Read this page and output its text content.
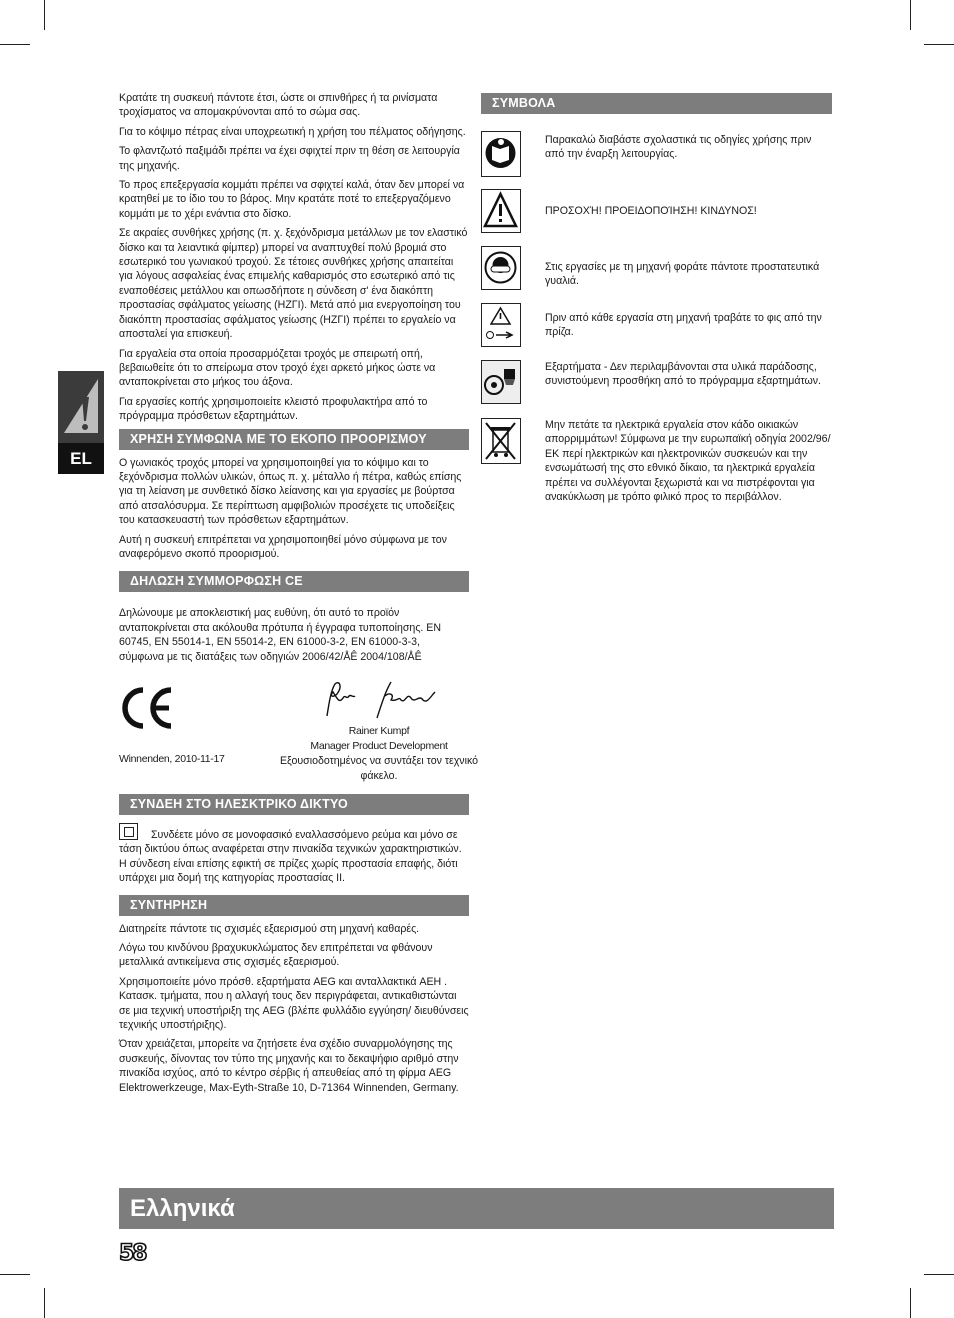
EL
Κρατάτε τη συσκευή πάντοτε έτσι, ώστε οι σπινθήρες ή τα ρινίσματα τροχίσματος να απομακρύνονται από το σώμα σας.
Για το κόψιμο πέτρας είναι υποχρεωτική η χρήση του πέλματος οδήγησης.
Το φλαντζωτό παξιμάδι πρέπει να έχει σφιχτεί πριν τη θέση σε λειτουργία της μηχανής.
Το προς επεξεργασία κομμάτι πρέπει να σφιχτεί καλά, όταν δεν μπορεί να κρατηθεί με το ίδιο του το βάρος. Μην κρατάτε ποτέ το επεξεργαζόμενο κομμάτι με το χέρι ενάντια στο δίσκο.
Σε ακραίες συνθήκες χρήσης (π. χ. ξεχόνδρισμα μετάλλων με τον ελαστικό δίσκο και τα λειαντικά φίμπερ) μπορεί να αναπτυχθεί πολύ βρομιά στο εσωτερικό του γωνιακού τροχού. Σε τέτοιες συνθήκες χρήσης απαιτείται για λόγους ασφαλείας ένας επιμελής καθαρισμός στο εσωτερικό από τις εναποθέσεις μετάλλου και οπωσδήποτε η σύνδεση σ' ένα διακόπτη προστασίας σφάλματος γείωσης (ΗΖΓΙ). Μετά από μια ενεργοποίηση του διακόπτη προστασίας σφάλματος γείωσης (ΗΖΓΙ) πρέπει το εργαλείο να αποσταλεί για επισκευή.
Για εργαλεία στα οποία προσαρμόζεται τροχός με σπειρωτή οπή, βεβαιωθείτε ότι το σπείρωμα στον τροχό έχει αρκετό μήκος ώστε να ανταποκρίνεται στο μήκος του άξονα.
Για εργασίες κοπής χρησιμοποιείτε κλειστό προφυλακτήρα από το πρόγραμμα πρόσθετων εξαρτημάτων.
ΧΡΗΣΗ ΣΥΜΦΩΝΑ ΜΕ ΤΟ ΕΚΟΠΟ ΠΡΟΟΡΙΣΜΟΥ
Ο γωνιακός τροχός μπορεί να χρησιμοποιηθεί για το κόψιμο και το ξεχόνδρισμα πολλών υλικών, όπως π. χ. μέταλλο ή πέτρα, καθώς επίσης για τη λείανση με συνθετικό δίσκο λείανσης και για εργασίες με βούρτσα από ατσαλόσυρμα. Σε περίπτωση αμφιβολιών προσέχετε τις υποδείξεις του κατασκευαστή των πρόσθετων εξαρτημάτων.
Αυτή η συσκευή επιτρέπεται να χρησιμοποιηθεί μόνο σύμφωνα με τον αναφερόμενο σκοπό προορισμού.
ΔΗΛΩΣΗ ΣΥΜΜΟΡΦΩΣΗ CE
Δηλώνουμε με αποκλειστική μας ευθύνη, ότι αυτό το προϊόν ανταποκρίνεται στα ακόλουθα πρότυπα ή έγγραφα τυποποίησης. EN 60745, EN 55014-1, EN 55014-2, EN 61000-3-2, EN 61000-3-3, σύμφωνα με τις διατάξεις των οδηγιών 2006/42/ÅÊ 2004/108/ÅÊ
Rainer Kumpf
Manager Product Development
Εξουσιοδοτημένος να συντάξει τον τεχνικό φάκελο.
Winnenden, 2010-11-17
ΣΥΝΔΕΗ ΣΤΟ ΗΛΕΣΚΤΡΙΚΟ ΔΙΚΤΥΟ
Συνδέετε μόνο σε μονοφασικό εναλλασσόμενο ρεύμα και μόνο σε τάση δικτύου όπως αναφέρεται στην πινακίδα τεχνικών χαρακτηριστικών. Η σύνδεση είναι επίσης εφικτή σε πρίζες χωρίς προστασία επαφής, διότι υπάρχει μια δομή της κατηγορίας προστασίας II.
ΣΥΝΤΗΡΗΣΗ
Διατηρείτε πάντοτε τις σχισμές εξαερισμού στη μηχανή καθαρές.
Λόγω του κινδύνου βραχυκυκλώματος δεν επιτρέπεται να φθάνουν μεταλλικά αντικείμενα στις σχισμές εξαερισμού.
Χρησιμοποιείτε μόνο πρόσθ. εξαρτήματα AEG και ανταλλακτικά AEH . Κατασκ. τμήματα, που η αλλαγή τους δεν περιγράφεται, αντικαθιστώνται σε μια τεχνική υποστήριξη της AEG (βλέπε φυλλάδιο εγγύηση/ διευθύνσεις τεχνικής υποστήριξης).
Όταν χρειάζεται, μπορείτε να ζητήσετε ένα σχέδιο συναρμολόγησης της συσκευής, δίνοντας τον τύπο της μηχανής και το δεκαψήφιο αριθμό στην πινακίδα ισχύος, από το κέντρο σέρβις ή απευθείας από τη φίρμα AEG Elektrowerkzeuge, Max-Eyth-Straße 10, D-71364 Winnenden, Germany.
ΣΥΜΒΟΛΑ
Παρακαλώ διαβάστε σχολαστικά τις οδηγίες χρήσης πριν από την έναρξη λειτουργίας.
ΠΡΟΣΟΧΉ! ΠΡΟΕΙΔΟΠΟΊΗΣΗ! ΚΙΝΔΥΝΟΣ!
Στις εργασίες με τη μηχανή φοράτε πάντοτε προστατευτικά γυαλιά.
Πριν από κάθε εργασία στη μηχανή τραβάτε το φις από την πρίζα.
Εξαρτήματα - Δεν περιλαμβάνονται στα υλικά παράδοσης, συνιστούμενη προσθήκη από το πρόγραμμα εξαρτημάτων.
Μην πετάτε τα ηλεκτρικά εργαλεία στον κάδο οικιακών απορριμμάτων! Σύμφωνα με την ευρωπαϊκή οδηγία 2002/96/ΕΚ περί ηλεκτρικών και ηλεκτρονικών συσκευών και την ενσωμάτωσή της στο εθνικό δίκαιο, τα ηλεκτρικά εργαλεία πρέπει να συλλέγονται ξεχωριστά και να πιστρέφονται για ανακύκλωση με τρόπο φιλικό προς το περιβάλλον.
Ελληνικά
58
